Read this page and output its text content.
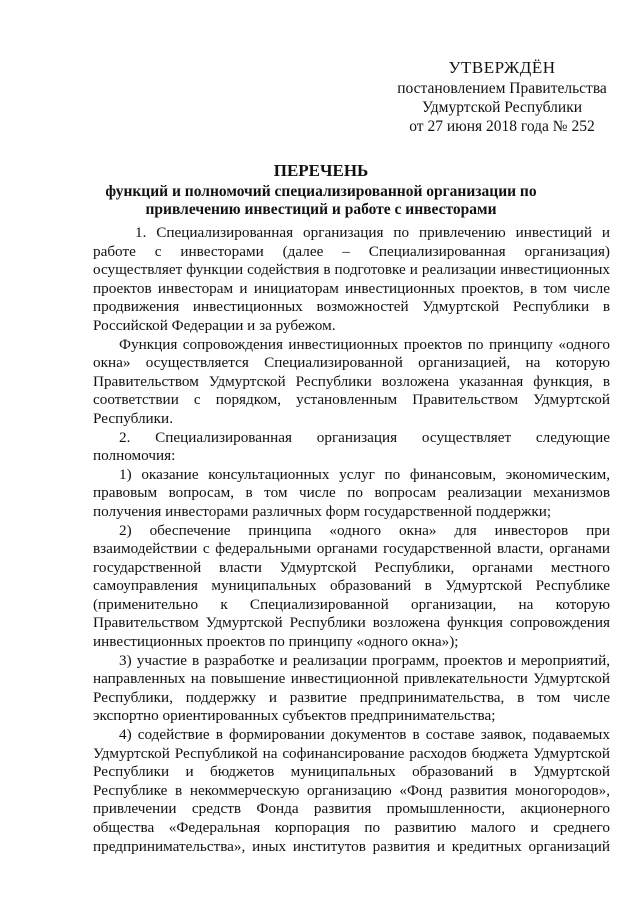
УТВЕРЖДЁН
постановлением Правительства
Удмуртской Республики
от 27 июня 2018 года № 252
ПЕРЕЧЕНЬ
функций и полномочий специализированной организации по привлечению инвестиций и работе с инвесторами

1. Специализированная организация по привлечению инвестиций и работе с инвесторами (далее – Специализированная организация) осуществляет функции содействия в подготовке и реализации инвестиционных проектов инвесторам и инициаторам инвестиционных проектов, в том числе продвижения инвестиционных возможностей Удмуртской Республики в Российской Федерации и за рубежом.

Функция сопровождения инвестиционных проектов по принципу «одного окна» осуществляется Специализированной организацией, на которую Правительством Удмуртской Республики возложена указанная функция, в соответствии с порядком, установленным Правительством Удмуртской Республики.

2. Специализированная организация осуществляет следующие полномочия:

1) оказание консультационных услуг по финансовым, экономическим, правовым вопросам, в том числе по вопросам реализации механизмов получения инвесторами различных форм государственной поддержки;

2) обеспечение принципа «одного окна» для инвесторов при взаимодействии с федеральными органами государственной власти, органами государственной власти Удмуртской Республики, органами местного самоуправления муниципальных образований в Удмуртской Республике (применительно к Специализированной организации, на которую Правительством Удмуртской Республики возложена функция сопровождения инвестиционных проектов по принципу «одного окна»);

3) участие в разработке и реализации программ, проектов и мероприятий, направленных на повышение инвестиционной привлекательности Удмуртской Республики, поддержку и развитие предпринимательства, в том числе экспортно ориентированных субъектов предпринимательства;

4) содействие в формировании документов в составе заявок, подаваемых Удмуртской Республикой на софинансирование расходов бюджета Удмуртской Республики и бюджетов муниципальных образований в Удмуртской Республике в некоммерческую организацию «Фонд развития моногородов», привлечении средств Фонда развития промышленности, акционерного общества «Федеральная корпорация по развитию малого и среднего предпринимательства», иных институтов развития и кредитных организаций
